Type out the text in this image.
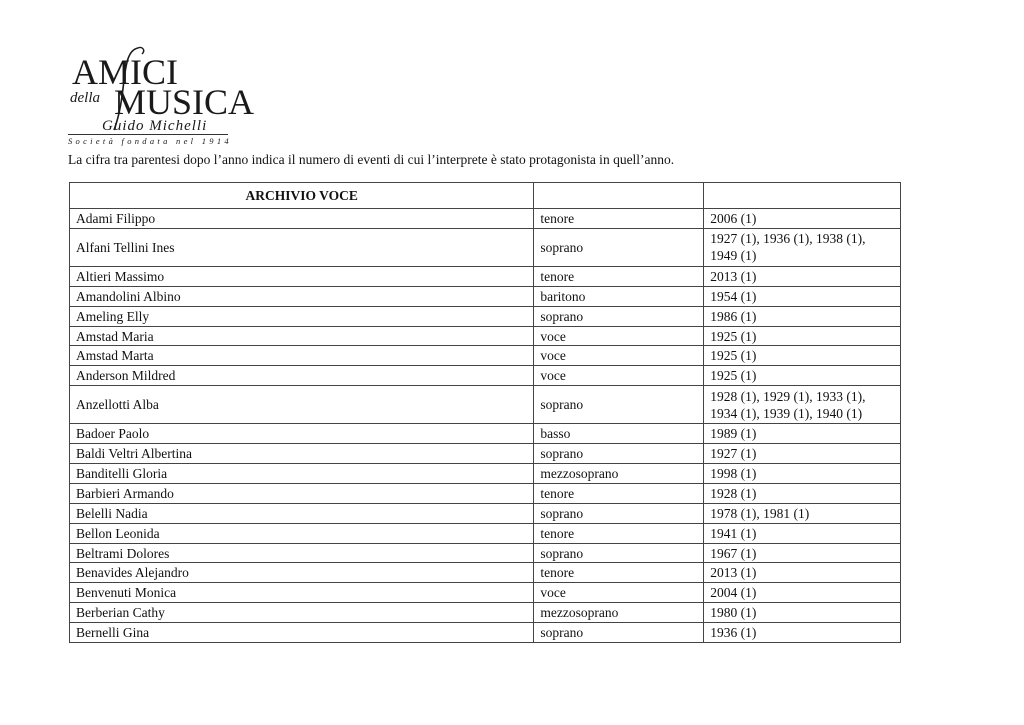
AMICI
della MUSICA
Guido Michelli
Società fondata nel 1914
La cifra tra parentesi dopo l’anno indica il numero di eventi di cui l’interprete è stato protagonista in quell’anno.
ARCHIVIO VOCE		
Adami Filippo	tenore	2006 (1)
Alfani Tellini Ines	soprano	1927 (1), 1936 (1), 1938 (1), 1949 (1)
Altieri Massimo	tenore	2013 (1)
Amandolini Albino	baritono	1954 (1)
Ameling Elly	soprano	1986 (1)
Amstad Maria	voce	1925 (1)
Amstad Marta	voce	1925 (1)
Anderson Mildred	voce	1925 (1)
Anzellotti Alba	soprano	1928 (1), 1929 (1), 1933 (1), 1934 (1), 1939 (1), 1940 (1)
Badoer Paolo	basso	1989 (1)
Baldi Veltri Albertina	soprano	1927 (1)
Banditelli Gloria	mezzosoprano	1998 (1)
Barbieri Armando	tenore	1928 (1)
Belelli Nadia	soprano	1978 (1), 1981 (1)
Bellon Leonida	tenore	1941 (1)
Beltrami Dolores	soprano	1967 (1)
Benavides Alejandro	tenore	2013 (1)
Benvenuti Monica	voce	2004 (1)
Berberian Cathy	mezzosoprano	1980 (1)
Bernelli Gina	soprano	1936 (1)
